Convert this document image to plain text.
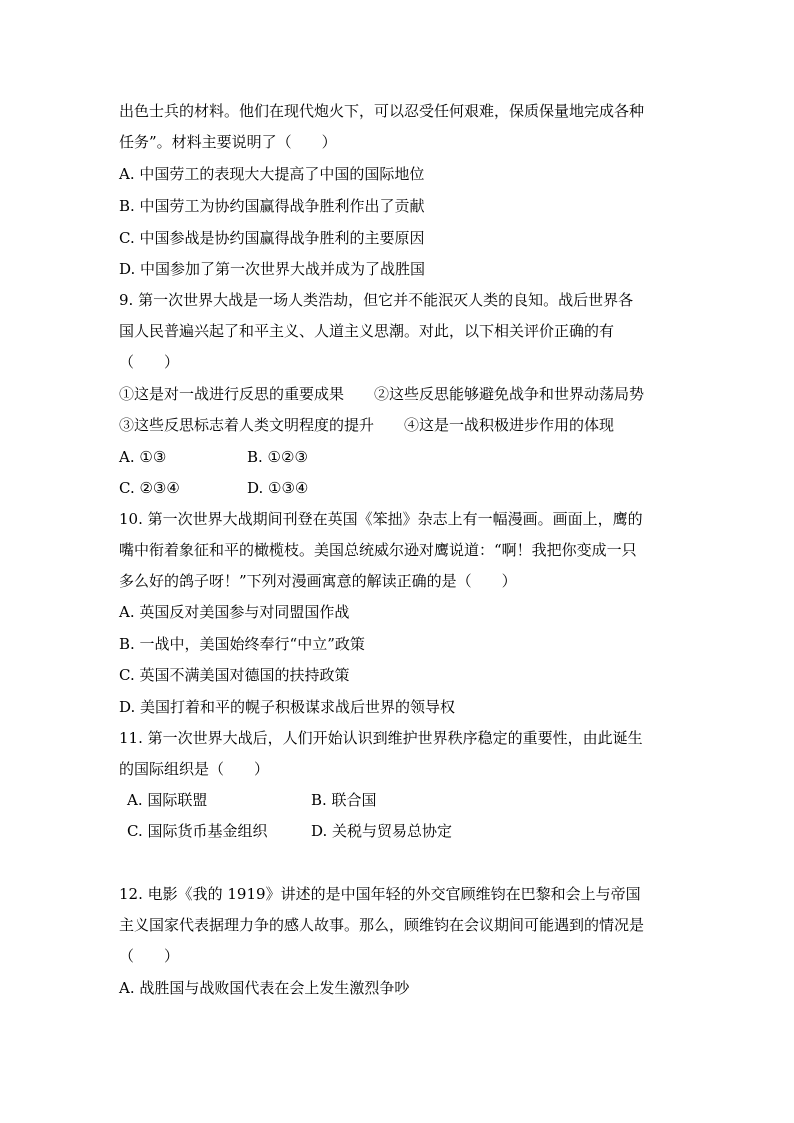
出色士兵的材料。他们在现代炮火下，可以忍受任何艰难，保质保量地完成各种
任务”。材料主要说明了（　　）
A. 中国劳工的表现大大提高了中国的国际地位
B. 中国劳工为协约国赢得战争胜利作出了贡献
C. 中国参战是协约国赢得战争胜利的主要原因
D. 中国参加了第一次世界大战并成为了战胜国
9. 第一次世界大战是一场人类浩劫，但它并不能泯灭人类的良知。战后世界各
国人民普遍兴起了和平主义、人道主义思潮。对此，以下相关评价正确的有
（　　）
①这是对一战进行反思的重要成果　　②这些反思能够避免战争和世界动荡局势
③这些反思标志着人类文明程度的提升　　④这是一战积极进步作用的体现
A. ①③	B. ①②③
C. ②③④	D. ①③④
10. 第一次世界大战期间刊登在英国《笨拙》杂志上有一幅漫画。画面上，鹰的
嘴中衔着象征和平的橄榄枝。美国总统威尔逊对鹰说道：“啊！我把你变成一只
多么好的鸽子呀！”下列对漫画寓意的解读正确的是（　　）
A. 英国反对美国参与对同盟国作战
B. 一战中，美国始终奉行“中立”政策
C. 英国不满美国对德国的扶持政策
D. 美国打着和平的幌子积极谋求战后世界的领导权
11. 第一次世界大战后，人们开始认识到维护世界秩序稳定的重要性，由此诞生
的国际组织是（　　）
A. 国际联盟	B. 联合国
C. 国际货币基金组织	D. 关税与贸易总协定
12. 电影《我的 1919》讲述的是中国年轻的外交官顾维钧在巴黎和会上与帝国
主义国家代表据理力争的感人故事。那么，顾维钧在会议期间可能遇到的情况是
（　　）
A. 战胜国与战败国代表在会上发生激烈争吵
